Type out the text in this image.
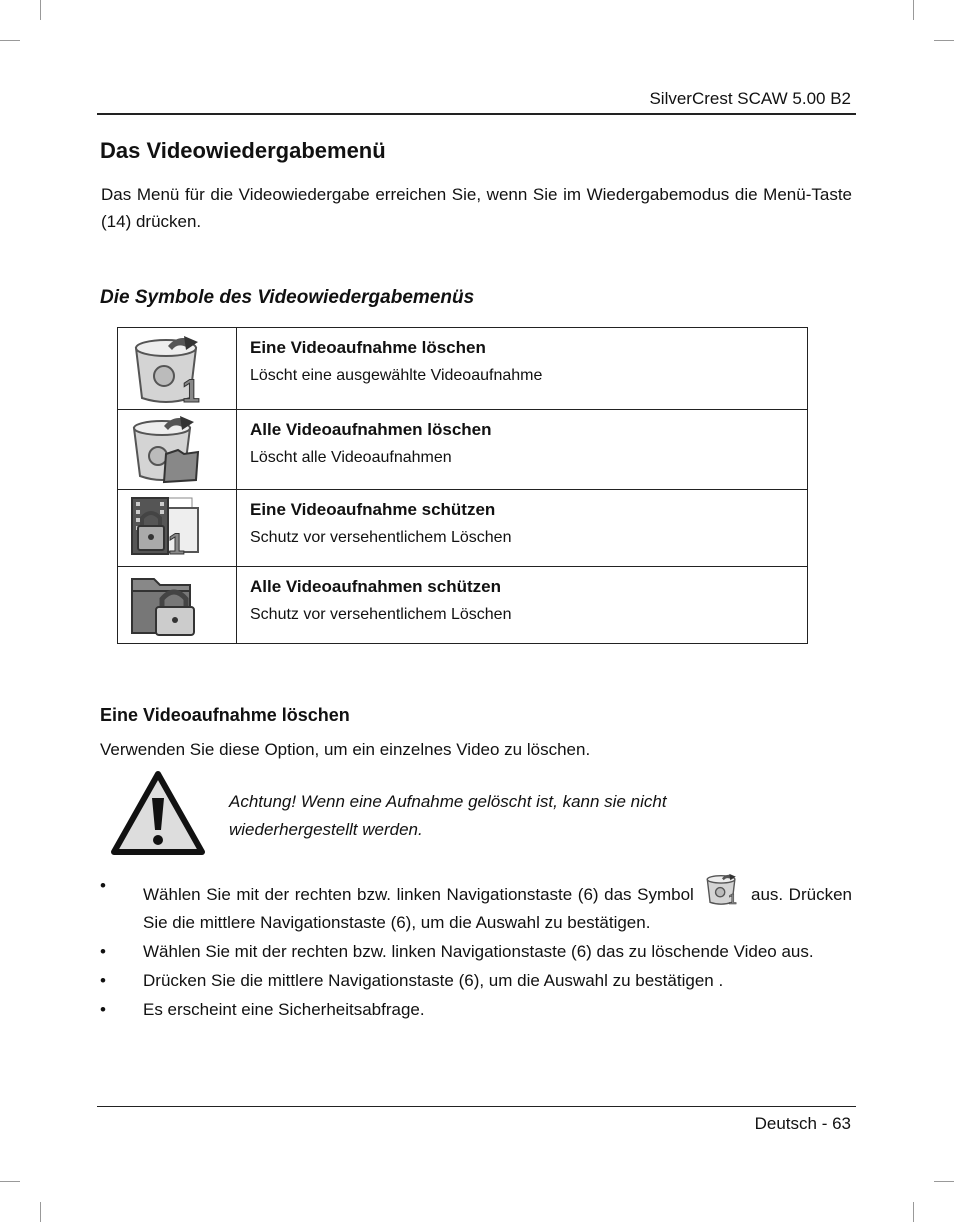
SilverCrest SCAW 5.00 B2
Das Videowiedergabemenü

Das Menü für die Videowiedergabe erreichen Sie, wenn Sie im Wiedergabemodus die Menü-Taste (14) drücken.

Die Symbole des Videowiedergabemenüs
1	Eine Videoaufnahme löschen
Löscht eine ausgewählte Videoaufnahme

Alle Videoaufnahmen löschen
Löscht alle Videoaufnahmen

1	Eine Videoaufnahme schützen
Schutz vor versehentlichem Löschen

Alle Videoaufnahmen schützen
Schutz vor versehentlichem Löschen
Eine Videoaufnahme löschen

Verwenden Sie diese Option, um ein einzelnes Video zu löschen.

Achtung! Wenn eine Aufnahme gelöscht ist, kann sie nicht
wiederhergestellt werden.

• Wählen Sie mit der rechten bzw. linken Navigationstaste (6) das Symbol 1 aus. Drücken Sie die mittlere Navigationstaste (6), um die Auswahl zu bestätigen.
• Wählen Sie mit der rechten bzw. linken Navigationstaste (6) das zu löschende Video aus.
• Drücken Sie die mittlere Navigationstaste (6), um die Auswahl zu bestätigen .
• Es erscheint eine Sicherheitsabfrage.
Deutsch - 63
